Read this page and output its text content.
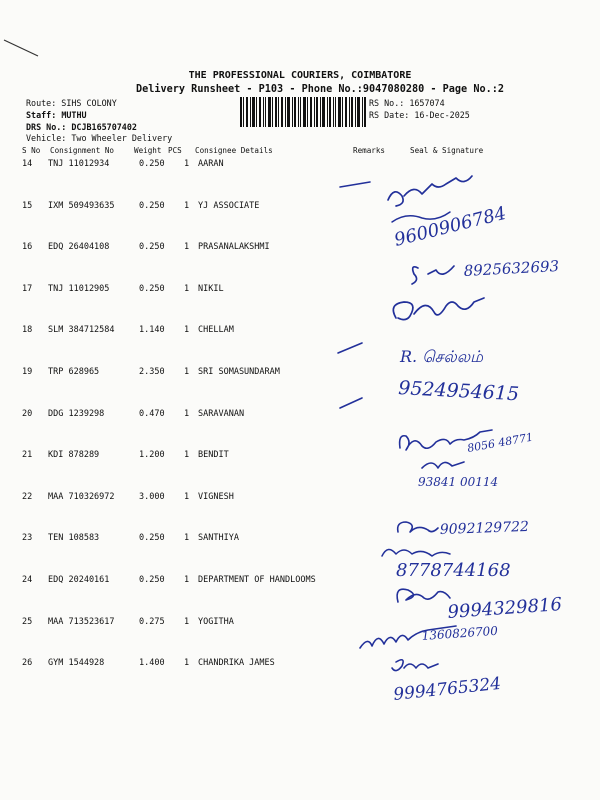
THE PROFESSIONAL COURIERS, COIMBATORE
Delivery Runsheet - P103 - Phone No.:9047080280 - Page No.:2
Route: SIHS COLONY
Staff: MUTHU
DRS No.: DCJB165707402
Vehicle: Two Wheeler Delivery
RS No.: 1657074
RS Date: 16-Dec-2025
S No Consignment No	Weight PCS Consignee Details	Remarks	Seal & Signature
14 TNJ 11012934	0.250 1 AARAN
15 IXM 509493635	0.250 1 YJ ASSOCIATE
16 EDQ 26404108	0.250 1 PRASANALAKSHMI
17 TNJ 11012905	0.250 1 NIKIL
18 SLM 384712584	1.140 1 CHELLAM
19 TRP 628965	2.350 1 SRI SOMASUNDARAM
20 DDG 1239298	0.470 1 SARAVANAN
21 KDI 878289	1.200 1 BENDIT
22 MAA 710326972	3.000 1 VIGNESH
23 TEN 108583	0.250 1 SANTHIYA
24 EDQ 20240161	0.250 1 DEPARTMENT OF HANDLOOMS
25 MAA 713523617	0.275 1 YOGITHA
26 GYM 1544928	1.400 1 CHANDRIKA JAMES
9600906784
8925632693
R. செல்லம்
9524954615
8056 48771
93841 00114
9092129722
8778744168
9994329816
1360826700
9994765324
